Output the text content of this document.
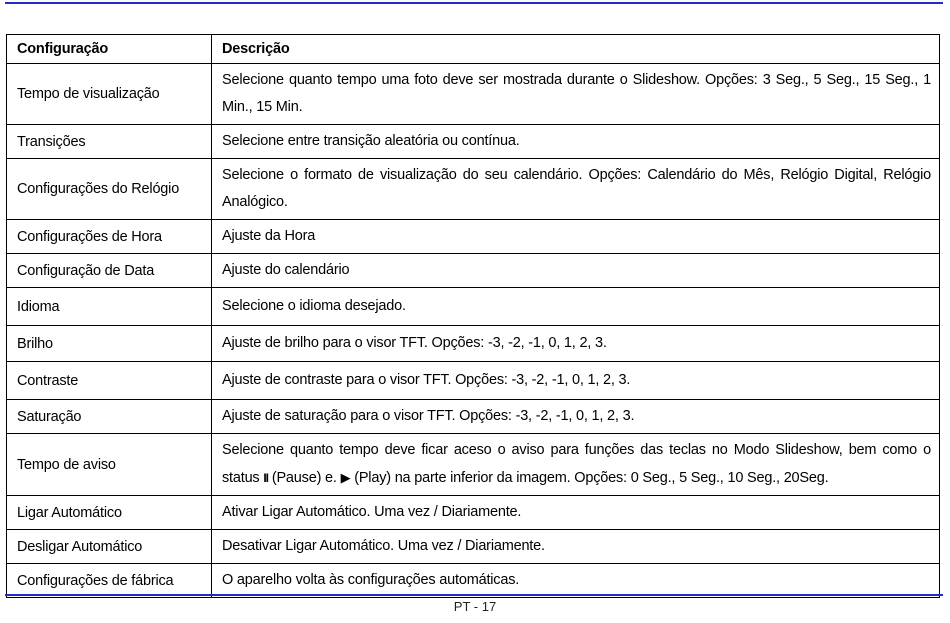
Configuração	Descrição
Tempo de visualização	Selecione quanto tempo uma foto deve ser mostrada durante o Slideshow. Opções: 3 Seg., 5 Seg., 15 Seg., 1 Min., 15 Min.
Transições	Selecione entre transição aleatória ou contínua.
Configurações do Relógio	Selecione o formato de visualização do seu calendário. Opções: Calendário do Mês, Relógio Digital, Relógio Analógico.
Configurações de Hora	Ajuste da Hora
Configuração de Data	Ajuste do calendário
Idioma	Selecione o idioma desejado.
Brilho	Ajuste de brilho para o visor TFT. Opções: -3, -2, -1, 0, 1, 2, 3.
Contraste	Ajuste de contraste para o visor TFT. Opções: -3, -2, -1, 0, 1, 2, 3.
Saturação	Ajuste de saturação para o visor TFT. Opções: -3, -2, -1, 0, 1, 2, 3.
Tempo de aviso	Selecione quanto tempo deve ficar aceso o aviso para funções das teclas no Modo Slideshow, bem como o status II (Pause) e. ▶ (Play) na parte inferior da imagem. Opções: 0 Seg., 5 Seg., 10 Seg., 20Seg.
Ligar Automático	Ativar Ligar Automático. Uma vez / Diariamente.
Desligar Automático	Desativar Ligar Automático. Uma vez / Diariamente.
Configurações de fábrica	O aparelho volta às configurações automáticas.
PT - 17
